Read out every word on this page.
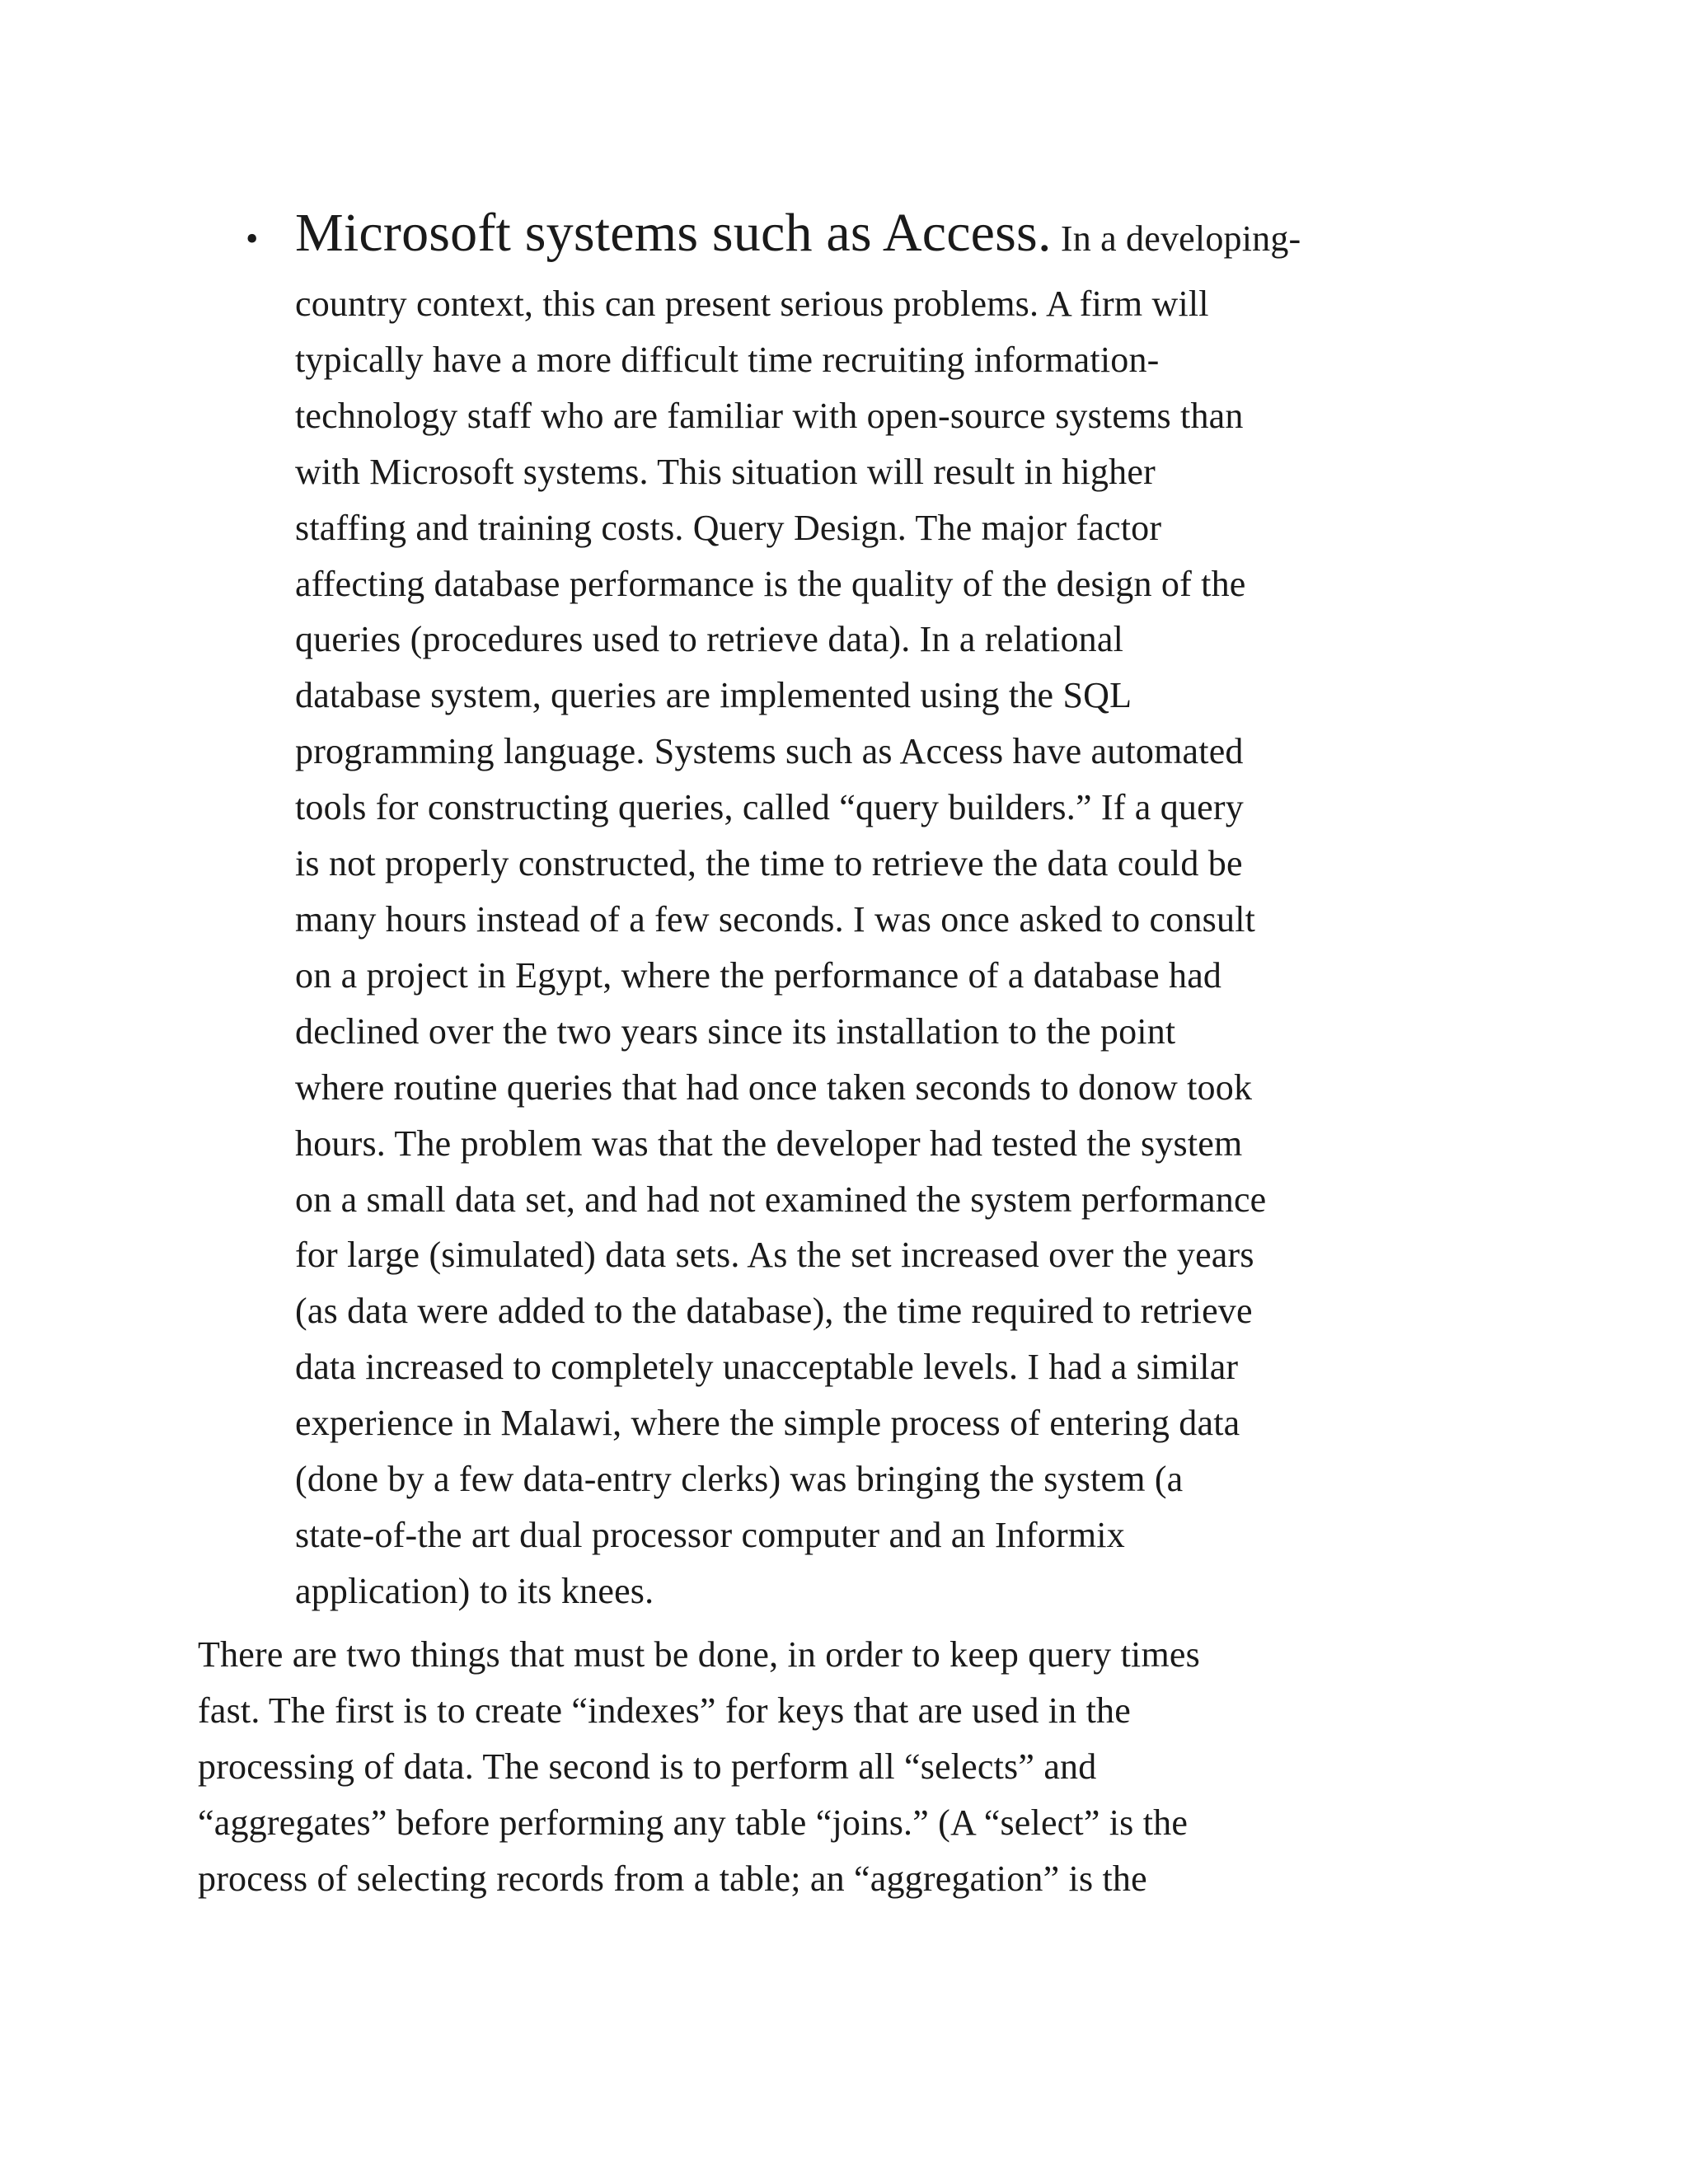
• Microsoft systems such as Access. In a developing-
country context, this can present serious problems. A firm will
typically have a more difficult time recruiting information-
technology staff who are familiar with open-source systems than
with Microsoft systems. This situation will result in higher
staffing and training costs. Query Design. The major factor
affecting database performance is the quality of the design of the
queries (procedures used to retrieve data). In a relational
database system, queries are implemented using the SQL
programming language. Systems such as Access have automated
tools for constructing queries, called “query builders.” If a query
is not properly constructed, the time to retrieve the data could be
many hours instead of a few seconds. I was once asked to consult
on a project in Egypt, where the performance of a database had
declined over the two years since its installation to the point
where routine queries that had once taken seconds to donow took
hours. The problem was that the developer had tested the system
on a small data set, and had not examined the system performance
for large (simulated) data sets. As the set increased over the years
(as data were added to the database), the time required to retrieve
data increased to completely unacceptable levels. I had a similar
experience in Malawi, where the simple process of entering data
(done by a few data-entry clerks) was bringing the system (a
state-of-the art dual processor computer and an Informix
application) to its knees.
There are two things that must be done, in order to keep query times
fast. The first is to create “indexes” for keys that are used in the
processing of data. The second is to perform all “selects” and
“aggregates” before performing any table “joins.” (A “select” is the
process of selecting records from a table; an “aggregation” is the
